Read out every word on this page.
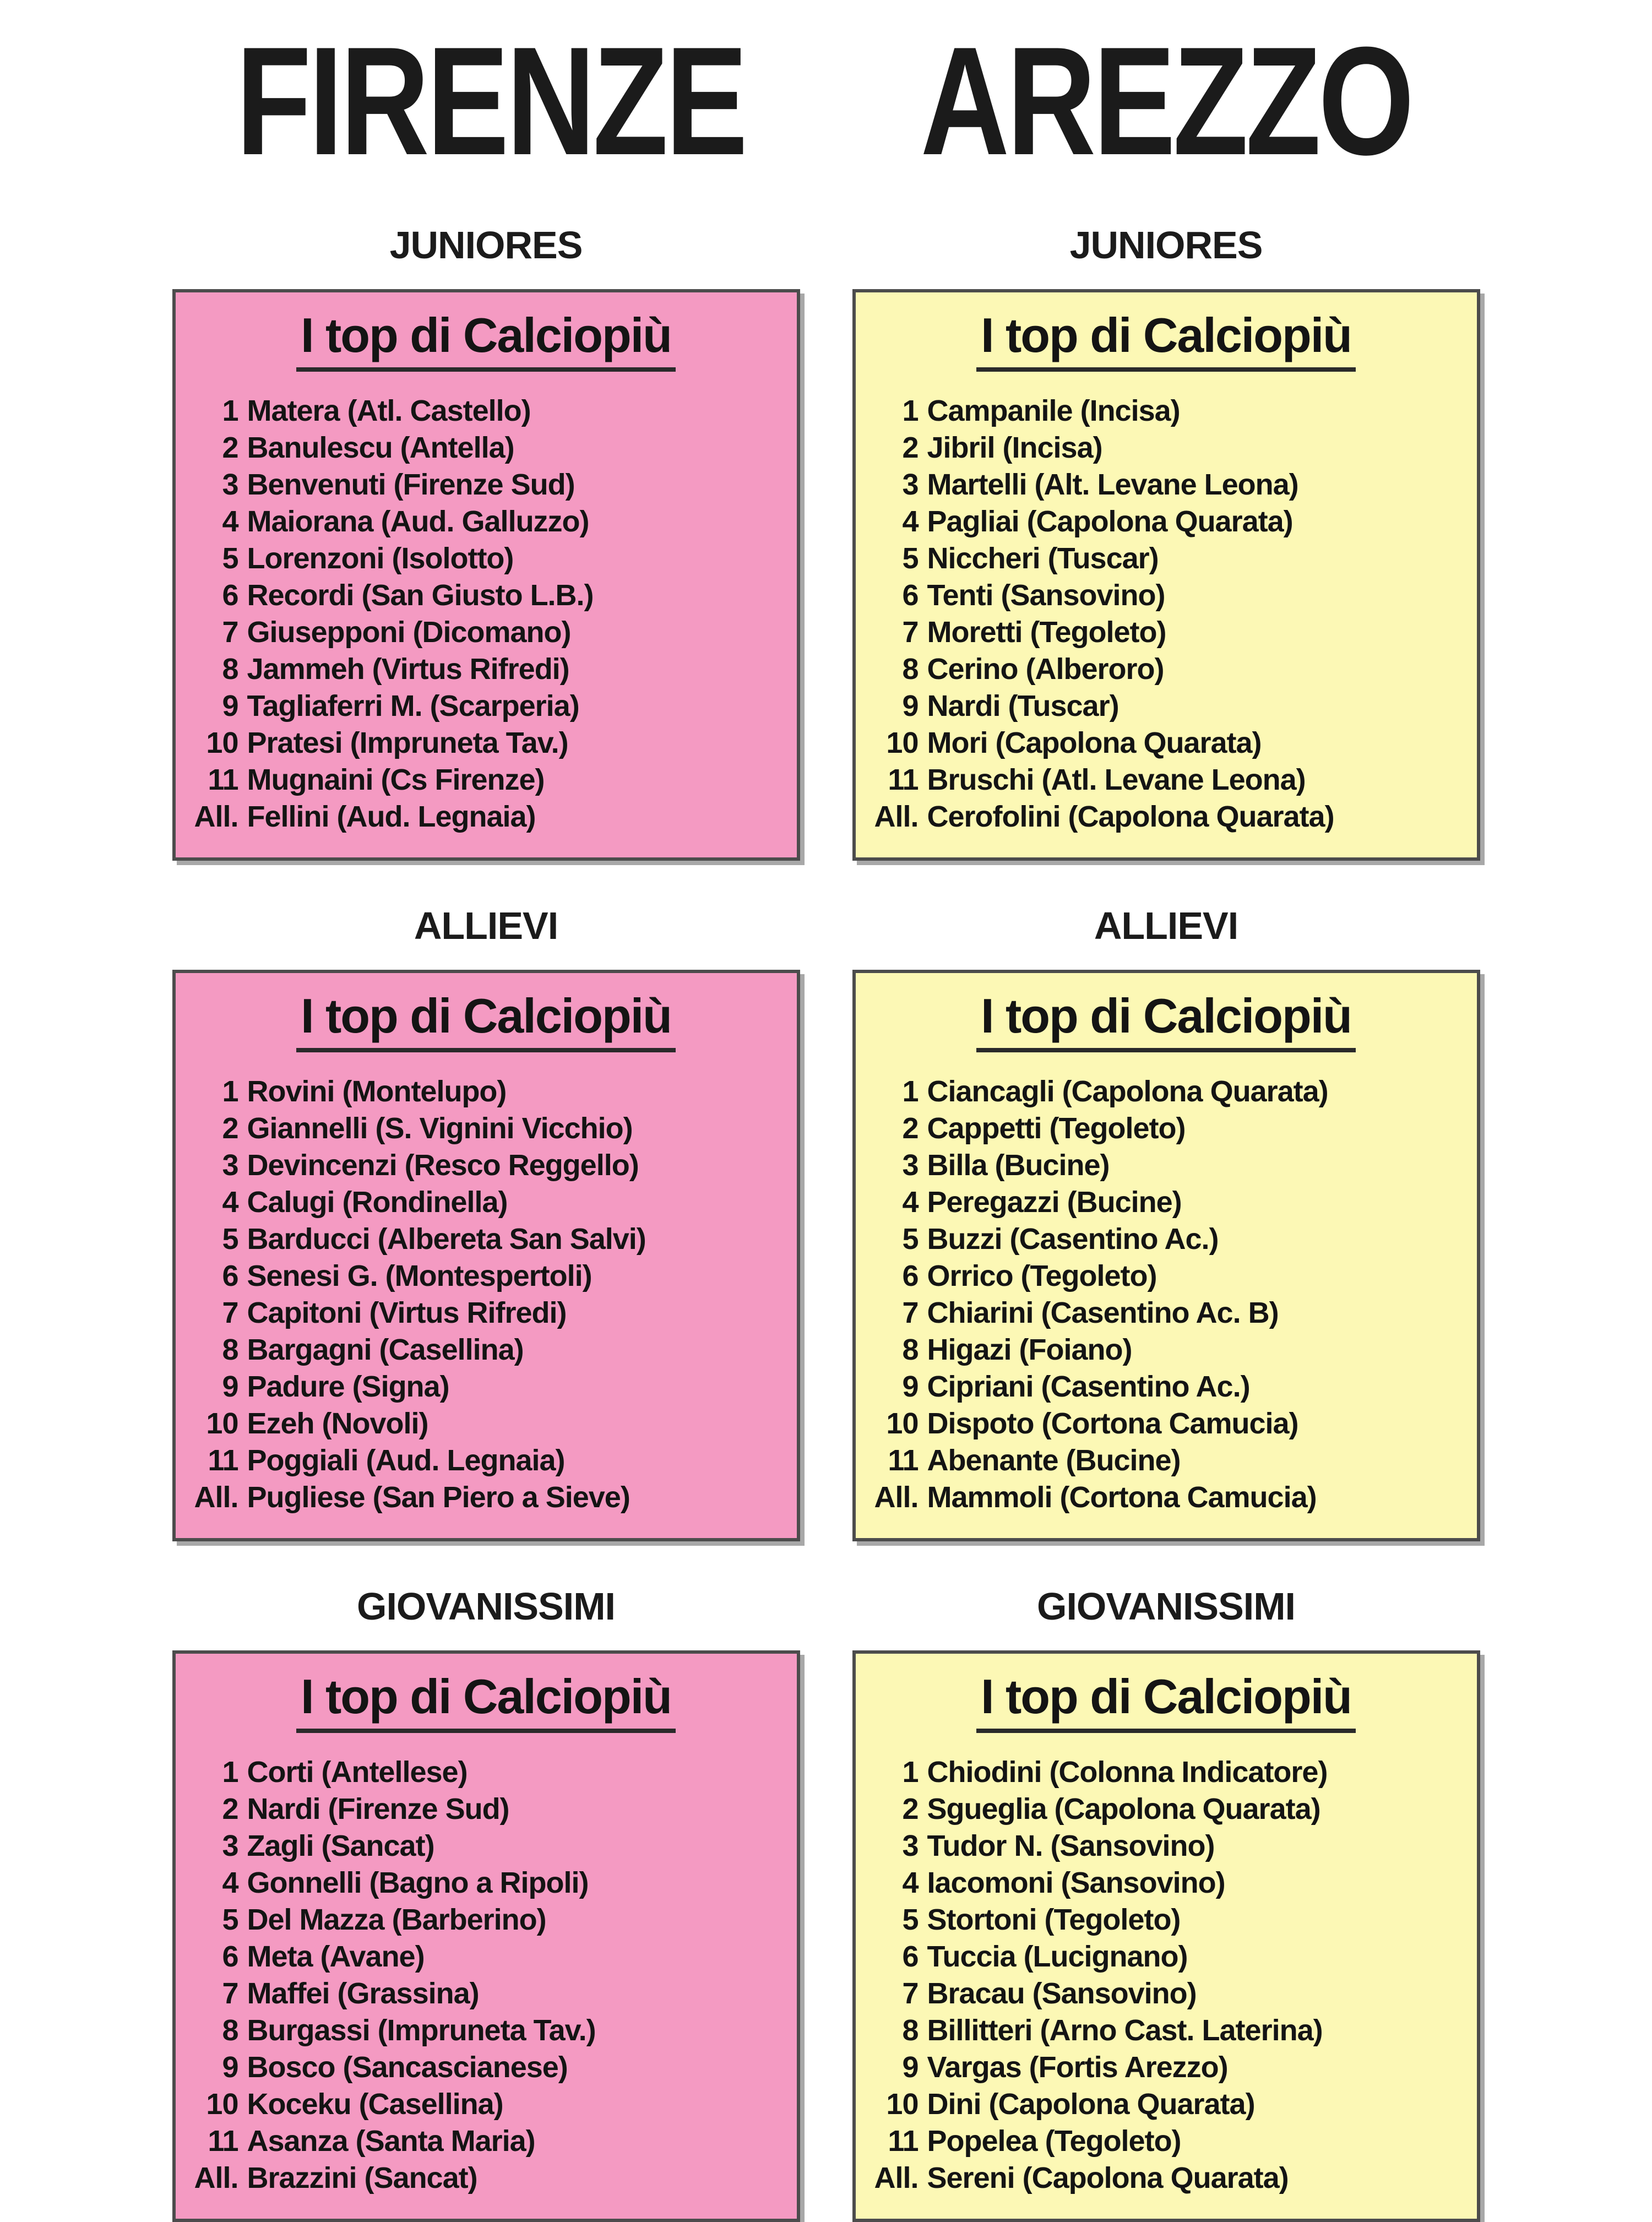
FIRENZE
JUNIORES
I top di Calciopiù
1 Matera (Atl. Castello)
2 Banulescu (Antella)
3 Benvenuti (Firenze Sud)
4 Maiorana (Aud. Galluzzo)
5 Lorenzoni (Isolotto)
6 Recordi (San Giusto L.B.)
7 Giusepponi (Dicomano)
8 Jammeh (Virtus Rifredi)
9 Tagliaferri M. (Scarperia)
10 Pratesi (Impruneta Tav.)
11 Mugnaini (Cs Firenze)
All. Fellini (Aud. Legnaia)
ALLIEVI
I top di Calciopiù
1 Rovini (Montelupo)
2 Giannelli (S. Vignini Vicchio)
3 Devincenzi (Resco Reggello)
4 Calugi (Rondinella)
5 Barducci (Albereta San Salvi)
6 Senesi G. (Montespertoli)
7 Capitoni (Virtus Rifredi)
8 Bargagni (Casellina)
9 Padure (Signa)
10 Ezeh (Novoli)
11 Poggiali (Aud. Legnaia)
All. Pugliese (San Piero a Sieve)
GIOVANISSIMI
I top di Calciopiù
1 Corti (Antellese)
2 Nardi (Firenze Sud)
3 Zagli (Sancat)
4 Gonnelli (Bagno a Ripoli)
5 Del Mazza (Barberino)
6 Meta (Avane)
7 Maffei (Grassina)
8 Burgassi (Impruneta Tav.)
9 Bosco (Sancascianese)
10 Koceku (Casellina)
11 Asanza (Santa Maria)
All. Brazzini (Sancat)
AREZZO
JUNIORES
I top di Calciopiù
1 Campanile (Incisa)
2 Jibril (Incisa)
3 Martelli (Alt. Levane Leona)
4 Pagliai (Capolona Quarata)
5 Niccheri (Tuscar)
6 Tenti (Sansovino)
7 Moretti (Tegoleto)
8 Cerino (Alberoro)
9 Nardi (Tuscar)
10 Mori (Capolona Quarata)
11 Bruschi (Atl. Levane Leona)
All. Cerofolini (Capolona Quarata)
ALLIEVI
I top di Calciopiù
1 Ciancagli (Capolona Quarata)
2 Cappetti (Tegoleto)
3 Billa (Bucine)
4 Peregazzi (Bucine)
5 Buzzi (Casentino Ac.)
6 Orrico (Tegoleto)
7 Chiarini (Casentino Ac. B)
8 Higazi (Foiano)
9 Cipriani (Casentino Ac.)
10 Dispoto (Cortona Camucia)
11 Abenante (Bucine)
All. Mammoli (Cortona Camucia)
GIOVANISSIMI
I top di Calciopiù
1 Chiodini (Colonna Indicatore)
2 Sgueglia (Capolona Quarata)
3 Tudor N. (Sansovino)
4 Iacomoni (Sansovino)
5 Stortoni (Tegoleto)
6 Tuccia (Lucignano)
7 Bracau (Sansovino)
8 Billitteri (Arno Cast. Laterina)
9 Vargas (Fortis Arezzo)
10 Dini (Capolona Quarata)
11 Popelea (Tegoleto)
All. Sereni (Capolona Quarata)
